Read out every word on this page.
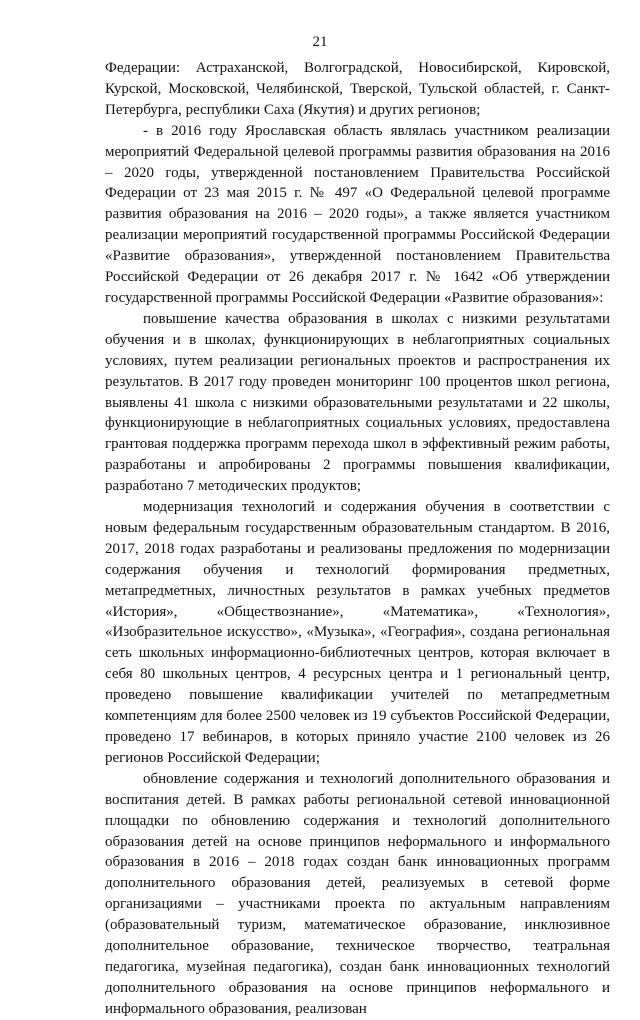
21

Федерации: Астраханской, Волгоградской, Новосибирской, Кировской, Курской, Московской, Челябинской, Тверской, Тульской областей, г. Санкт-Петербурга, республики Саха (Якутия) и других регионов;

- в 2016 году Ярославская область являлась участником реализации мероприятий Федеральной целевой программы развития образования на 2016 – 2020 годы, утвержденной постановлением Правительства Российской Федерации от 23 мая 2015 г. № 497 «О Федеральной целевой программе развития образования на 2016 – 2020 годы», а также является участником реализации мероприятий государственной программы Российской Федерации «Развитие образования», утвержденной постановлением Правительства Российской Федерации от 26 декабря 2017 г. № 1642 «Об утверждении государственной программы Российской Федерации «Развитие образования»:

повышение качества образования в школах с низкими результатами обучения и в школах, функционирующих в неблагоприятных социальных условиях, путем реализации региональных проектов и распространения их результатов. В 2017 году проведен мониторинг 100 процентов школ региона, выявлены 41 школа с низкими образовательными результатами и 22 школы, функционирующие в неблагоприятных социальных условиях, предоставлена грантовая поддержка программ перехода школ в эффективный режим работы, разработаны и апробированы 2 программы повышения квалификации, разработано 7 методических продуктов;

модернизация технологий и содержания обучения в соответствии с новым федеральным государственным образовательным стандартом. В 2016, 2017, 2018 годах разработаны и реализованы предложения по модернизации содержания обучения и технологий формирования предметных, метапредметных, личностных результатов в рамках учебных предметов «История», «Обществознание», «Математика», «Технология», «Изобразительное искусство», «Музыка», «География», создана региональная сеть школьных информационно-библиотечных центров, которая включает в себя 80 школьных центров, 4 ресурсных центра и 1 региональный центр, проведено повышение квалификации учителей по метапредметным компетенциям для более 2500 человек из 19 субъектов Российской Федерации, проведено 17 вебинаров, в которых приняло участие 2100 человек из 26 регионов Российской Федерации;

обновление содержания и технологий дополнительного образования и воспитания детей. В рамках работы региональной сетевой инновационной площадки по обновлению содержания и технологий дополнительного образования детей на основе принципов неформального и информального образования в 2016 – 2018 годах создан банк инновационных программ дополнительного образования детей, реализуемых в сетевой форме организациями – участниками проекта по актуальным направлениям (образовательный туризм, математическое образование, инклюзивное дополнительное образование, техническое творчество, театральная педагогика, музейная педагогика), создан банк инновационных технологий дополнительного образования на основе принципов неформального и информального образования, реализован
